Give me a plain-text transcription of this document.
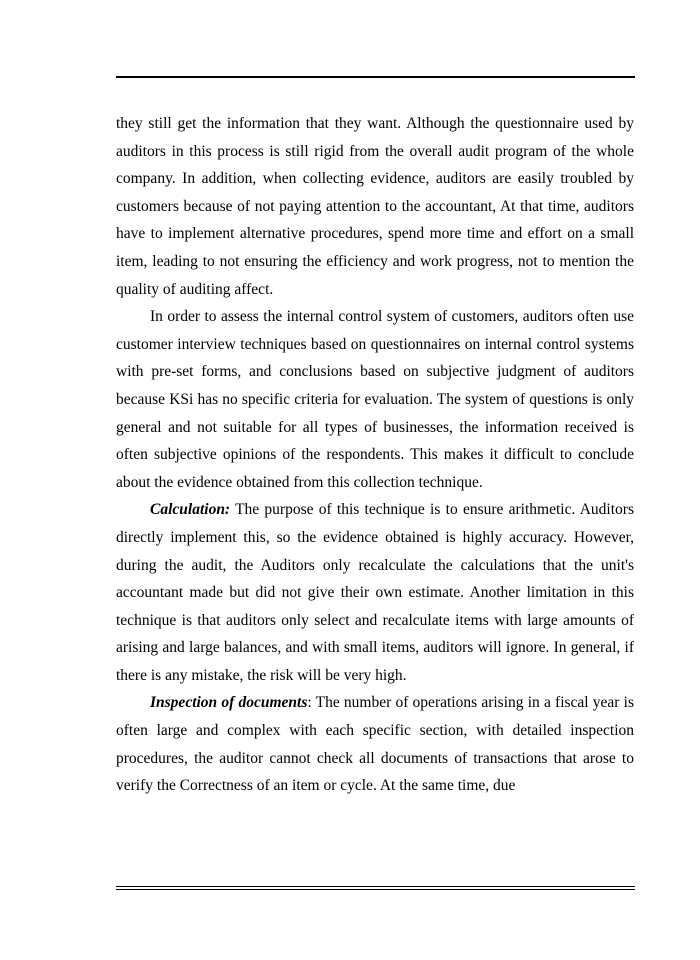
they still get the information that they want. Although the questionnaire used by auditors in this process is still rigid from the overall audit program of the whole company. In addition, when collecting evidence, auditors are easily troubled by customers because of not paying attention to the accountant, At that time, auditors have to implement alternative procedures, spend more time and effort on a small item, leading to not ensuring the efficiency and work progress, not to mention the quality of auditing affect.

In order to assess the internal control system of customers, auditors often use customer interview techniques based on questionnaires on internal control systems with pre-set forms, and conclusions based on subjective judgment of auditors because KSi has no specific criteria for evaluation. The system of questions is only general and not suitable for all types of businesses, the information received is often subjective opinions of the respondents. This makes it difficult to conclude about the evidence obtained from this collection technique.

Calculation: The purpose of this technique is to ensure arithmetic. Auditors directly implement this, so the evidence obtained is highly accuracy. However, during the audit, the Auditors only recalculate the calculations that the unit's accountant made but did not give their own estimate. Another limitation in this technique is that auditors only select and recalculate items with large amounts of arising and large balances, and with small items, auditors will ignore. In general, if there is any mistake, the risk will be very high.

Inspection of documents: The number of operations arising in a fiscal year is often large and complex with each specific section, with detailed inspection procedures, the auditor cannot check all documents of transactions that arose to verify the Correctness of an item or cycle. At the same time, due
